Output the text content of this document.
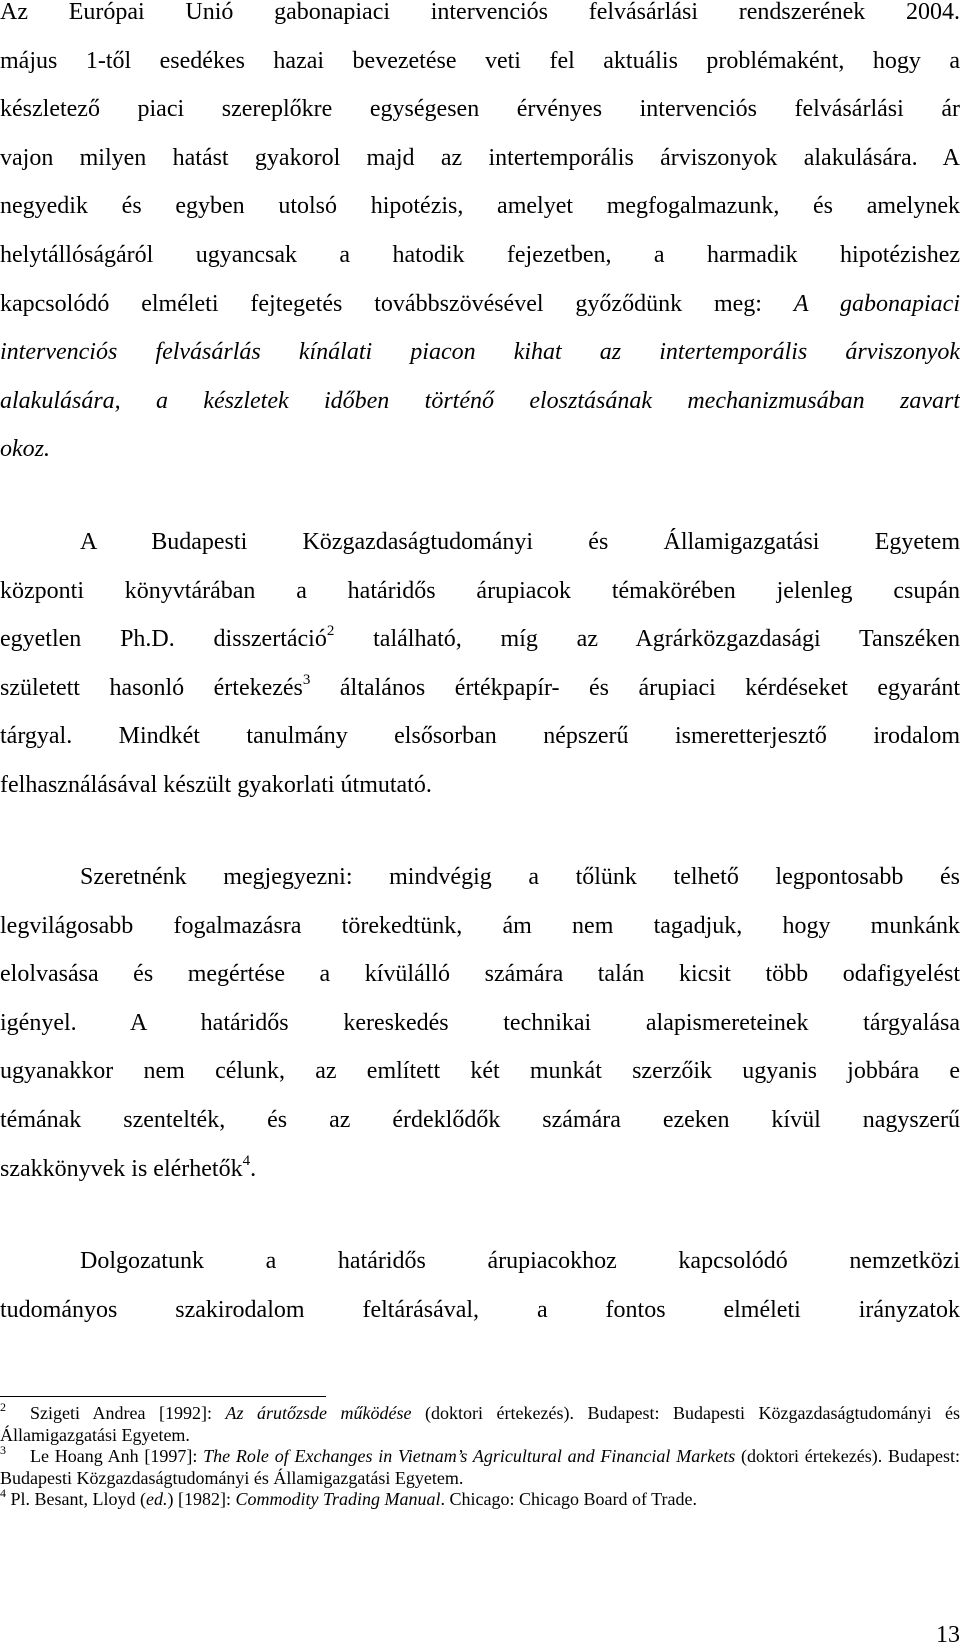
Az Európai Unió gabonapiaci intervenciós felvásárlási rendszerének 2004.

május 1-től esedékes hazai bevezetése veti fel aktuális problémaként, hogy a

készletező piaci szereplőkre egységesen érvényes intervenciós felvásárlási ár

vajon milyen hatást gyakorol majd az intertemporális árviszonyok alakulására. A

negyedik és egyben utolsó hipotézis, amelyet megfogalmazunk, és amelynek

helytállóságáról ugyancsak a hatodik fejezetben, a harmadik hipotézishez

kapcsolódó elméleti fejtegetés továbbszövésével győződünk meg: A gabonapiaci

intervenciós felvásárlás kínálati piacon kihat az intertemporális árviszonyok

alakulására, a készletek időben történő elosztásának mechanizmusában zavart

okoz.

A Budapesti Közgazdaságtudományi és Államigazgatási Egyetem

központi könyvtárában a határidős árupiacok témakörében jelenleg csupán

egyetlen Ph.D. disszertáció$^2$ található, míg az Agrárközgazdasági Tanszéken

született hasonló értekezés$^3$ általános értékpapír- és árupiaci kérdéseket egyaránt

tárgyal. Mindkét tanulmány elsősorban népszerű ismeretterjesztő irodalom

felhasználásával készült gyakorlati útmutató.

Szeretnénk megjegyezni: mindvégig a tőlünk telhető legpontosabb és

legvilágosabb fogalmazásra törekedtünk, ám nem tagadjuk, hogy munkánk

elolvasása és megértése a kívülálló számára talán kicsit több odafigyelést

igényel. A határidős kereskedés technikai alapismereteinek tárgyalása

ugyanakkor nem célunk, az említett két munkát szerzőik ugyanis jobbára e

témának szentelték, és az érdeklődők számára ezeken kívül nagyszerű

szakkönyvek is elérhetők$^4$.

Dolgozatunk a határidős árupiacokhoz kapcsolódó nemzetközi

tudományos szakirodalom feltárásával, a fontos elméleti irányzatok

$^2$ Szigeti Andrea [1992]: Az árutőzsde működése (doktori értekezés). Budapest: Budapesti Közgazdaságtudományi és Államigazgatási Egyetem.

$^3$ Le Hoang Anh [1997]: The Role of Exchanges in Vietnam’s Agricultural and Financial Markets (doktori értekezés). Budapest: Budapesti Közgazdaságtudományi és Államigazgatási Egyetem.

$^4$ Pl. Besant, Lloyd (ed.) [1982]: Commodity Trading Manual. Chicago: Chicago Board of Trade.

13
